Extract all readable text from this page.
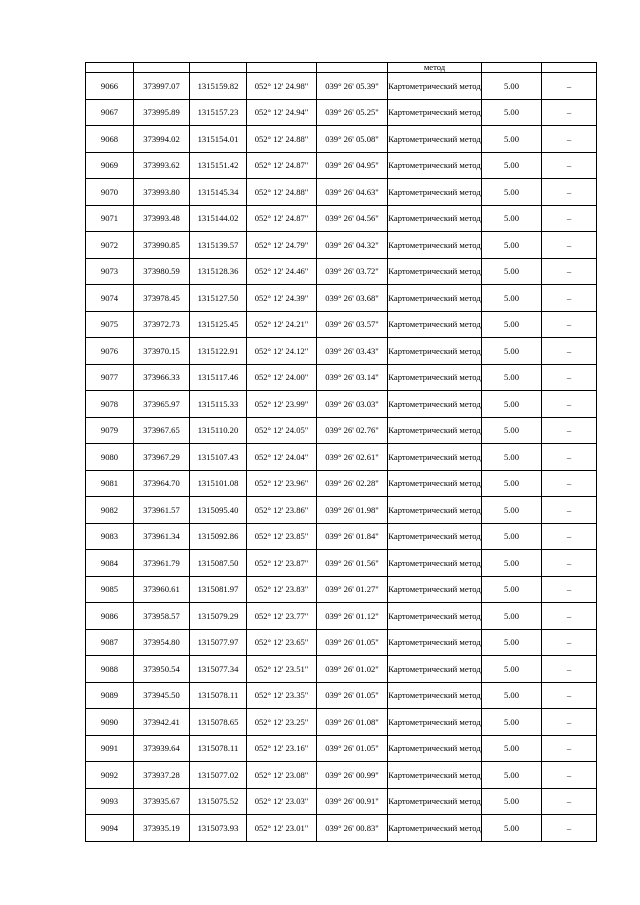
					метод		
9066	373997.07	1315159.82	052° 12' 24.98"	039° 26' 05.39"	Картометрический метод	5.00	–
9067	373995.89	1315157.23	052° 12' 24.94"	039° 26' 05.25"	Картометрический метод	5.00	–
9068	373994.02	1315154.01	052° 12' 24.88"	039° 26' 05.08"	Картометрический метод	5.00	–
9069	373993.62	1315151.42	052° 12' 24.87"	039° 26' 04.95"	Картометрический метод	5.00	–
9070	373993.80	1315145.34	052° 12' 24.88"	039° 26' 04.63"	Картометрический метод	5.00	–
9071	373993.48	1315144.02	052° 12' 24.87"	039° 26' 04.56"	Картометрический метод	5.00	–
9072	373990.85	1315139.57	052° 12' 24.79"	039° 26' 04.32"	Картометрический метод	5.00	–
9073	373980.59	1315128.36	052° 12' 24.46"	039° 26' 03.72"	Картометрический метод	5.00	–
9074	373978.45	1315127.50	052° 12' 24.39"	039° 26' 03.68"	Картометрический метод	5.00	–
9075	373972.73	1315125.45	052° 12' 24.21"	039° 26' 03.57"	Картометрический метод	5.00	–
9076	373970.15	1315122.91	052° 12' 24.12"	039° 26' 03.43"	Картометрический метод	5.00	–
9077	373966.33	1315117.46	052° 12' 24.00"	039° 26' 03.14"	Картометрический метод	5.00	–
9078	373965.97	1315115.33	052° 12' 23.99"	039° 26' 03.03"	Картометрический метод	5.00	–
9079	373967.65	1315110.20	052° 12' 24.05"	039° 26' 02.76"	Картометрический метод	5.00	–
9080	373967.29	1315107.43	052° 12' 24.04"	039° 26' 02.61"	Картометрический метод	5.00	–
9081	373964.70	1315101.08	052° 12' 23.96"	039° 26' 02.28"	Картометрический метод	5.00	–
9082	373961.57	1315095.40	052° 12' 23.86"	039° 26' 01.98"	Картометрический метод	5.00	–
9083	373961.34	1315092.86	052° 12' 23.85"	039° 26' 01.84"	Картометрический метод	5.00	–
9084	373961.79	1315087.50	052° 12' 23.87"	039° 26' 01.56"	Картометрический метод	5.00	–
9085	373960.61	1315081.97	052° 12' 23.83"	039° 26' 01.27"	Картометрический метод	5.00	–
9086	373958.57	1315079.29	052° 12' 23.77"	039° 26' 01.12"	Картометрический метод	5.00	–
9087	373954.80	1315077.97	052° 12' 23.65"	039° 26' 01.05"	Картометрический метод	5.00	–
9088	373950.54	1315077.34	052° 12' 23.51"	039° 26' 01.02"	Картометрический метод	5.00	–
9089	373945.50	1315078.11	052° 12' 23.35"	039° 26' 01.05"	Картометрический метод	5.00	–
9090	373942.41	1315078.65	052° 12' 23.25"	039° 26' 01.08"	Картометрический метод	5.00	–
9091	373939.64	1315078.11	052° 12' 23.16"	039° 26' 01.05"	Картометрический метод	5.00	–
9092	373937.28	1315077.02	052° 12' 23.08"	039° 26' 00.99"	Картометрический метод	5.00	–
9093	373935.67	1315075.52	052° 12' 23.03"	039° 26' 00.91"	Картометрический метод	5.00	–
9094	373935.19	1315073.93	052° 12' 23.01"	039° 26' 00.83"	Картометрический метод	5.00	–
